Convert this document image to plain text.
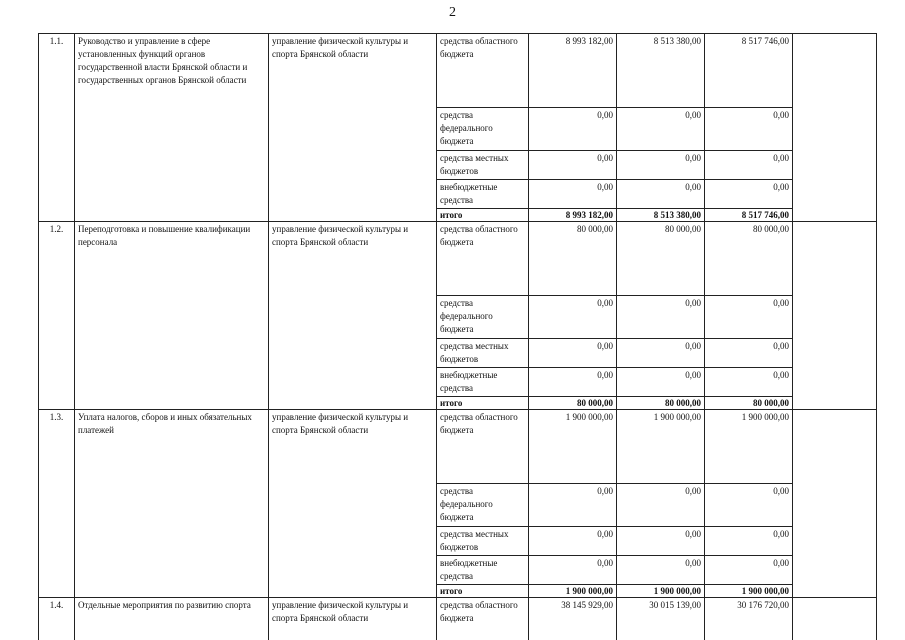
2
1.1.	Руководство и управление в сфере установленных функций органов государственной власти Брянской области и государственных органов Брянской области	управление физической культуры и спорта Брянской области	средства областного бюджета	8 993 182,00	8 513 380,00	8 517 746,00	
			средства федерального бюджета	0,00	0,00	0,00	
			средства местных бюджетов	0,00	0,00	0,00	
			внебюджетные средства	0,00	0,00	0,00	
			итого	8 993 182,00	8 513 380,00	8 517 746,00	
1.2.	Переподготовка и повышение квалификации персонала	управление физической культуры и спорта Брянской области	средства областного бюджета	80 000,00	80 000,00	80 000,00	
			средства федерального бюджета	0,00	0,00	0,00	
			средства местных бюджетов	0,00	0,00	0,00	
			внебюджетные средства	0,00	0,00	0,00	
			итого	80 000,00	80 000,00	80 000,00	
1.3.	Уплата налогов, сборов и иных обязательных платежей	управление физической культуры и спорта Брянской области	средства областного бюджета	1 900 000,00	1 900 000,00	1 900 000,00	
			средства федерального бюджета	0,00	0,00	0,00	
			средства местных бюджетов	0,00	0,00	0,00	
			внебюджетные средства	0,00	0,00	0,00	
			итого	1 900 000,00	1 900 000,00	1 900 000,00	
1.4.	Отдельные мероприятия по развитию спорта	управление физической культуры и спорта Брянской области	средства областного бюджета	38 145 929,00	30 015 139,00	30 176 720,00	
